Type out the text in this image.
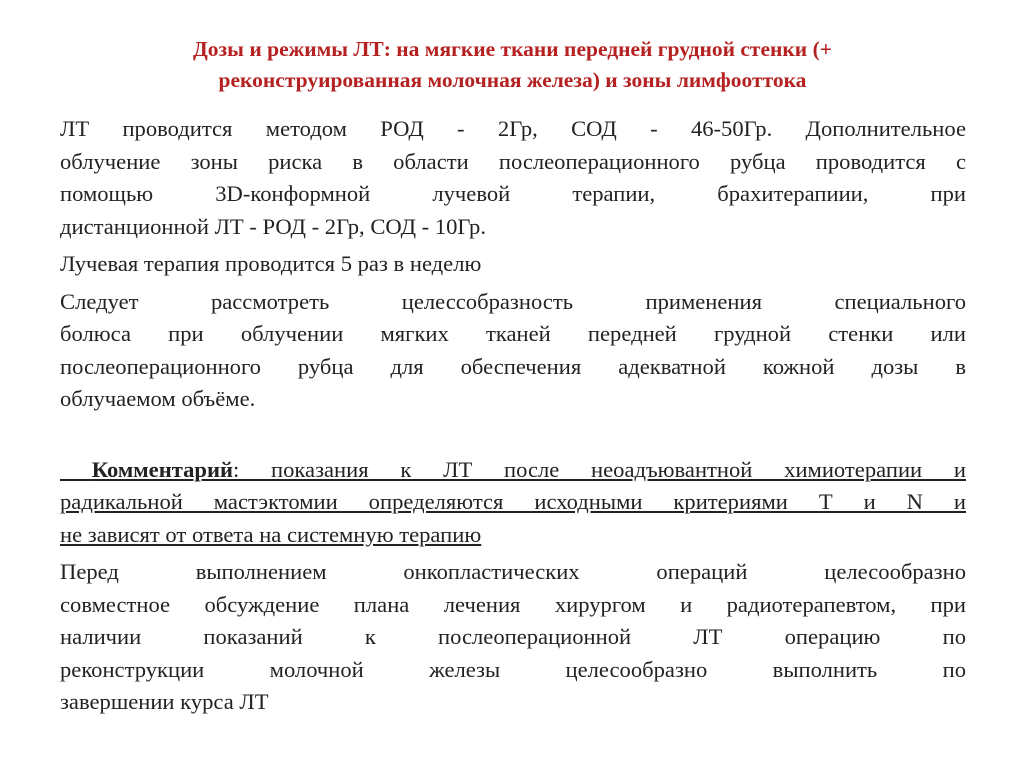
Дозы и режимы ЛТ: на мягкие ткани передней грудной стенки (+
реконструированная молочная железа) и зоны лимфооттока

ЛТ проводится методом РОД - 2Гр, СОД - 46-50Гр. Дополнительное
облучение зоны риска в области послеоперационного рубца проводится с
помощью 3D-конформной лучевой терапии, брахитерапиии, при
дистанционной ЛТ - РОД - 2Гр, СОД - 10Гр.

Лучевая терапия проводится 5 раз в неделю

Следует рассмотреть целессобразность применения специального
болюса при облучении мягких тканей передней грудной стенки или
послеоперационного рубца для обеспечения адекватной кожной дозы в
облучаемом объёме.

Комментарий: показания к ЛТ после неоадъювантной химиотерапии и
радикальной мастэктомии определяются исходными критериями Т и N и
не зависят от ответа на системную терапию

Перед выполнением онкопластических операций целесообразно
совместное обсуждение плана лечения хирургом и радиотерапевтом, при
наличии показаний к послеоперационной ЛТ операцию по
реконструкции молочной железы целесообразно выполнить по
завершении курса ЛТ
